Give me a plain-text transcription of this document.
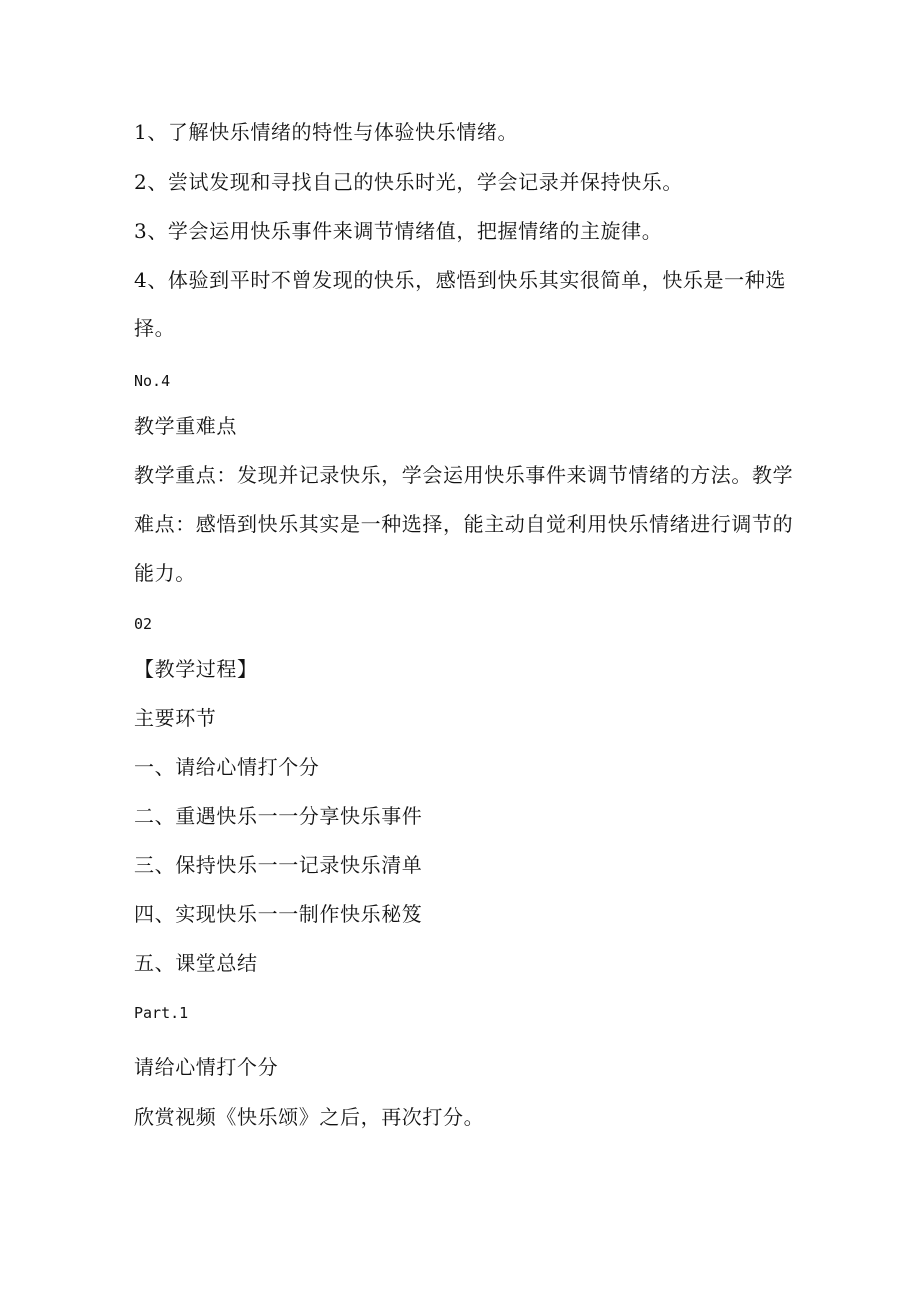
1、了解快乐情绪的特性与体验快乐情绪。
2、尝试发现和寻找自己的快乐时光，学会记录并保持快乐。
3、学会运用快乐事件来调节情绪值，把握情绪的主旋律。
4、体验到平时不曾发现的快乐，感悟到快乐其实很简单，快乐是一种选
择。
No.4
教学重难点
教学重点：发现并记录快乐，学会运用快乐事件来调节情绪的方法。教学
难点：感悟到快乐其实是一种选择，能主动自觉利用快乐情绪进行调节的
能力。
02
【教学过程】
主要环节
一、请给心情打个分
二、重遇快乐一一分享快乐事件
三、保持快乐一一记录快乐清单
四、实现快乐一一制作快乐秘笈
五、课堂总结
Part.1
请给心情打个分
欣赏视频《快乐颂》之后，再次打分。
